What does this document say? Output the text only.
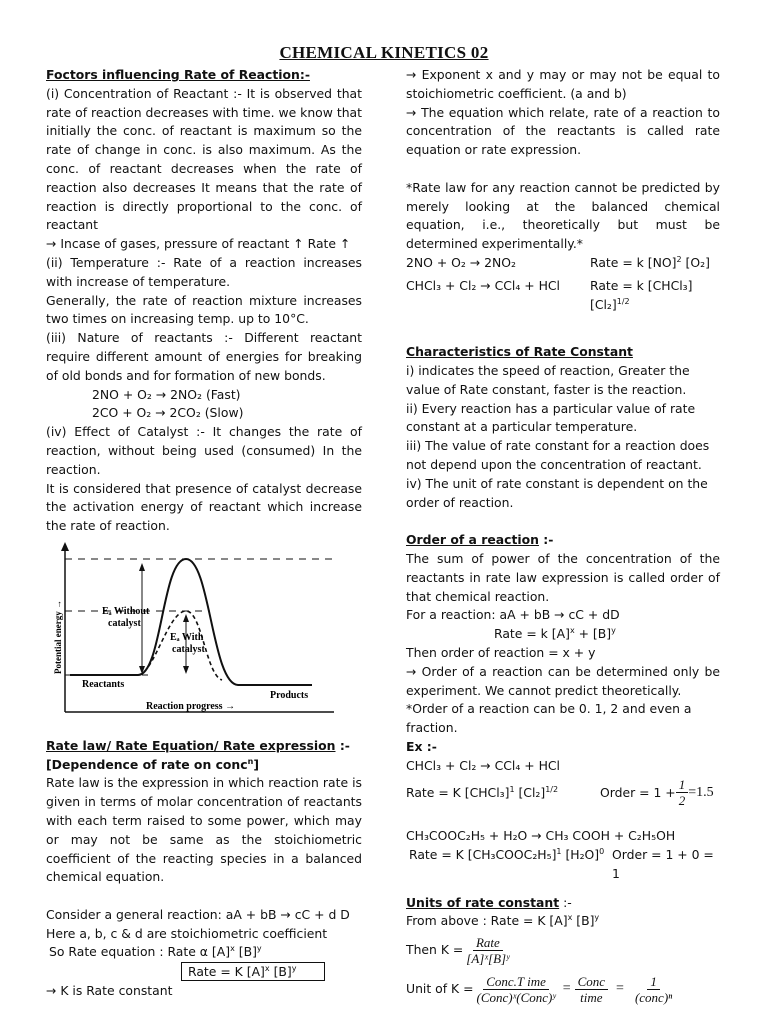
CHEMICAL KINETICS 02

Foctors influencing Rate of Reaction:-

(i) Concentration of Reactant :- It is observed that rate of reaction decreases with time. we know that initially the conc. of reactant is maximum so the rate of change in conc. is also maximum. As the conc. of reactant decreases when the rate of reaction also decreases It means that the rate of reaction is directly proportional to the conc. of reactant

→ Incase of gases, pressure of reactant ↑ Rate ↑

(ii) Temperature :- Rate of a reaction increases with increase of temperature.

Generally, the rate of reaction mixture increases two times on increasing temp. up to 10°C.

(iii) Nature of reactants :- Different reactant require different amount of energies for breaking of old bonds and for formation of new bonds.

2NO + O₂ → 2NO₂ (Fast)

2CO + O₂ → 2CO₂ (Slow)

(iv) Effect of Catalyst :- It changes the rate of reaction, without being used (consumed) In the reaction.

It is considered that presence of catalyst decrease the activation energy of reactant which increase the rate of reaction.

Eₐ Without
catalyst
Eₐ With
catalyst
Reactants
Products
Reaction progress →
Potential energy →

Rate law/ Rate Equation/ Rate expression :-

[Dependence of rate on conc$^n$]

Rate law is the expression in which reaction rate is given in terms of molar concentration of reactants with each term raised to some power, which may or may not be same as the stoichiometric coefficient of the reacting species in a balanced chemical equation.

Consider a general reaction: aA + bB → cC + d D

Here a, b, c & d are stoichiometric coefficient

So Rate equation : Rate α $[A]^x$ $[B]^y$

Rate = K $[A]^x$ $[B]^y$

→ K is Rate constant

→ Exponent x and y may or may not be equal to stoichiometric coefficient. (a and b)

→ The equation which relate, rate of a reaction to concentration of the reactants is called rate equation or rate expression.

*Rate law for any reaction cannot be predicted by merely looking at the balanced chemical equation, i.e., theoretically but must be determined experimentally.*

2NO + O₂ → 2NO₂	Rate = k [NO]$^2$ [O₂]
CHCl₃ + Cl₂ → CCl₄ + HCl Rate = k [CHCl₃] $[Cl_2]^{1/2}$

Characteristics of Rate Constant

i) indicates the speed of reaction, Greater the value of Rate constant, faster is the reaction.

ii) Every reaction has a particular value of rate constant at a particular temperature.

iii) The value of rate constant for a reaction does not depend upon the concentration of reactant.

iv) The unit of rate constant is dependent on the order of reaction.

Order of a reaction :-

The sum of power of the concentration of the reactants in rate law expression is called order of that chemical reaction.

For a reaction: aA + bB → cC + dD

Rate = k $[A]^x + [B]^y$

Then order of reaction = x + y

→ Order of a reaction can be determined only be experiment. We cannot predict theoretically.

*Order of a reaction can be 0. 1, 2 and even a fraction.

Ex :-

CHCl₃ + Cl₂ → CCl₄ + HCl

Rate = K [CHCl₃]$^1$ $[Cl_2]^{1/2}$	Order = $1 + \frac{1}{2} =1.5$

CH₃COOC₂H₅ + H₂O → CH₃ COOH + C₂H₅OH

Rate = K [CH₃COOC₂H₅]$^1$ $[H_2O]^0$ Order = 1 + 0 = 1

Units of rate constant :-

From above : Rate = K $[A]^x$ $[B]^y$

Then $K = \frac{\text{Rate}}{\text{[A]ˣ[B]ʸ}}$
Unit of $K = \frac{\text{Conc.T ime}}{\text{(Conc)ˣ(Conc)ʸ}} = \frac{\text{Conc}}{\text{time}} = \frac{1}{\text{(conc)ⁿ}}$
